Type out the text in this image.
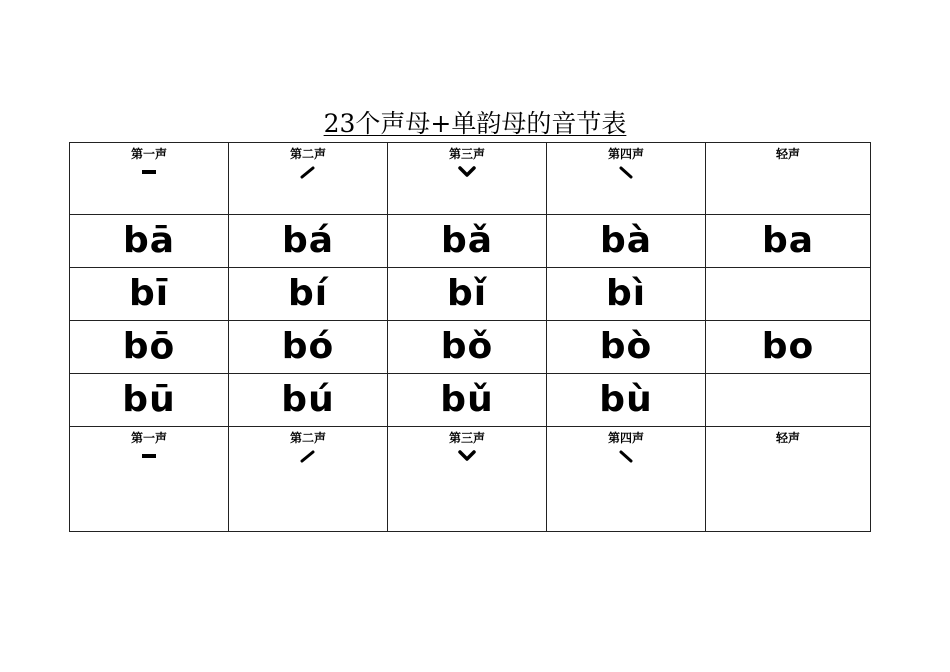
23个声母+单韵母的音节表
第一声	第二声	第三声	第四声	轻声

bā	bá	bǎ	bà	ba
bī	bí	bǐ	bì	
bō	bó	bǒ	bò	bo
bū	bú	bǔ	bù	

第一声	第二声	第三声	第四声	轻声
